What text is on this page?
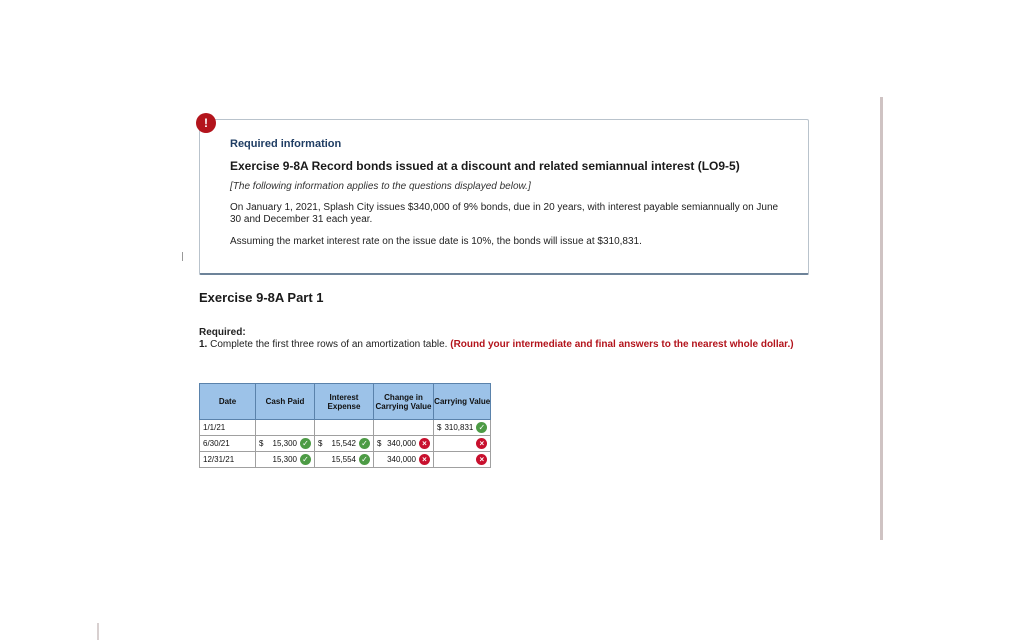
Required information
Exercise 9-8A Record bonds issued at a discount and related semiannual interest (LO9-5)
[The following information applies to the questions displayed below.]
On January 1, 2021, Splash City issues $340,000 of 9% bonds, due in 20 years, with interest payable semiannually on June 30 and December 31 each year.
Assuming the market interest rate on the issue date is 10%, the bonds will issue at $310,831.
!
Exercise 9-8A Part 1
Required:
1. Complete the first three rows of an amortization table. (Round your intermediate and final answers to the nearest whole dollar.)
Date	Cash Paid	Interest Expense	Change in Carrying Value	Carrying Value
1/1/21				$ 310,831 ✓

6/30/21	$ 15,300 ✓	$ 15,542 ✓	$ 340,000 ×	×
12/31/21	15,300 ✓	15,554 ✓	340,000 ×	×
